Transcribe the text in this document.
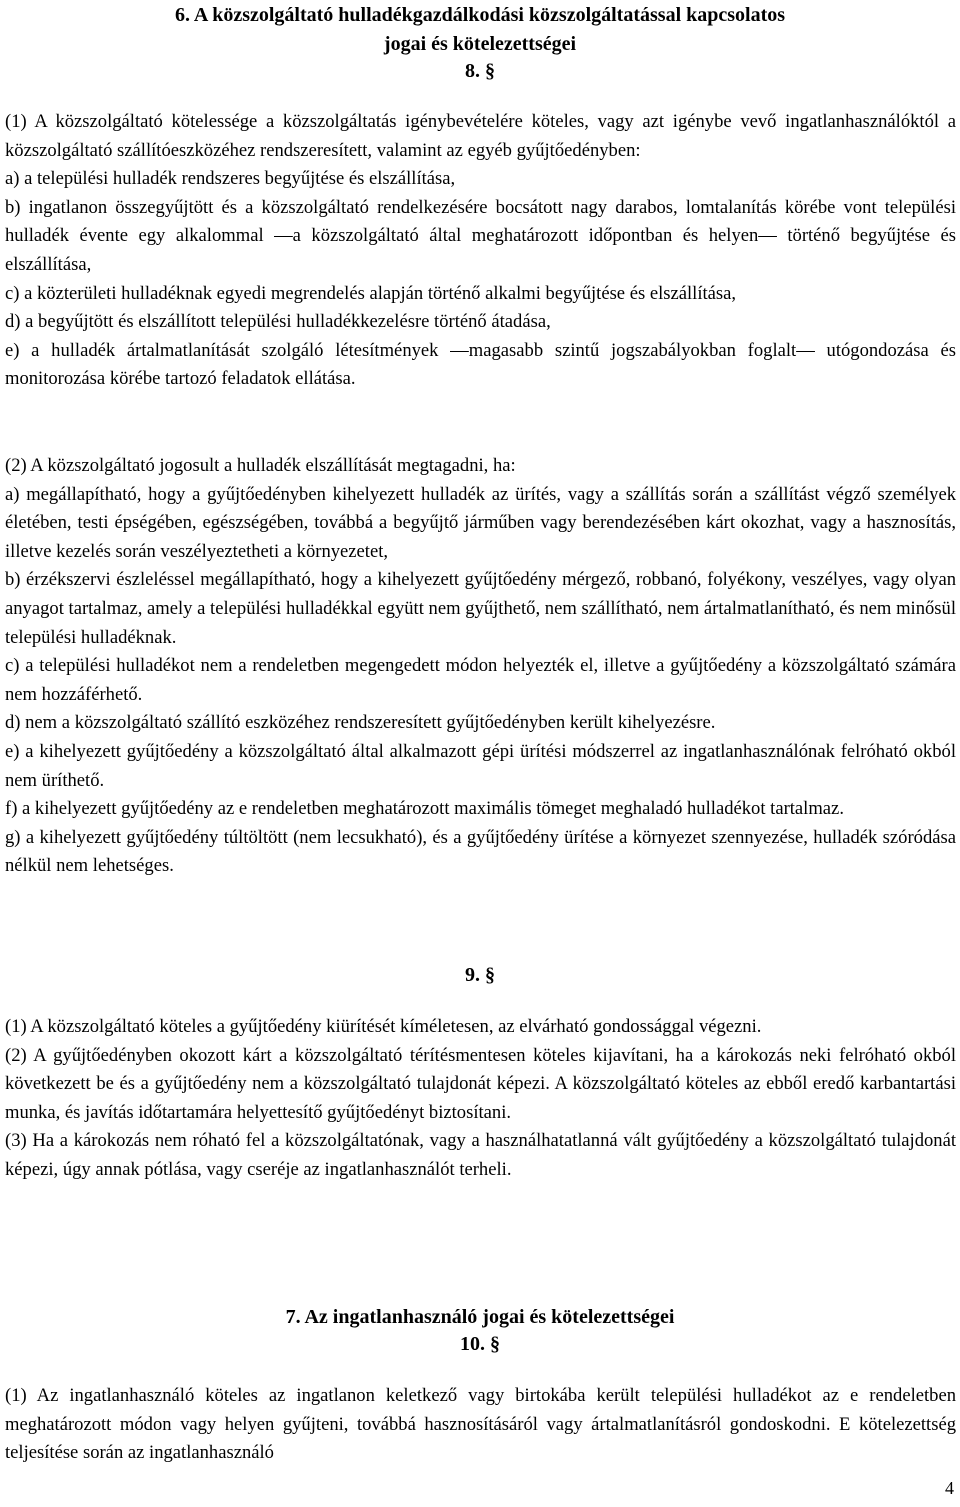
6. A közszolgáltató hulladékgazdálkodási közszolgáltatással kapcsolatos
jogai és kötelezettségei
8. §

(1) A közszolgáltató kötelessége a közszolgáltatás igénybevételére köteles, vagy azt igénybe vevő ingatlanhasználóktól a közszolgáltató szállítóeszközéhez rendszeresített, valamint az egyéb gyűjtőedényben:

a) a települési hulladék rendszeres begyűjtése és elszállítása,

b) ingatlanon összegyűjtött és a közszolgáltató rendelkezésére bocsátott nagy darabos, lomtalanítás körébe vont települési hulladék évente egy alkalommal —a közszolgáltató által meghatározott időpontban és helyen— történő begyűjtése és elszállítása,

c) a közterületi hulladéknak egyedi megrendelés alapján történő alkalmi begyűjtése és elszállítása,

d) a begyűjtött és elszállított települési hulladékkezelésre történő átadása,

e) a hulladék ártalmatlanítását szolgáló létesítmények —magasabb szintű jogszabályokban foglalt— utógondozása és monitorozása körébe tartozó feladatok ellátása.

(2) A közszolgáltató jogosult a hulladék elszállítását megtagadni, ha:

a) megállapítható, hogy a gyűjtőedényben kihelyezett hulladék az ürítés, vagy a szállítás során a szállítást végző személyek életében, testi épségében, egészségében, továbbá a begyűjtő járműben vagy berendezésében kárt okozhat, vagy a hasznosítás, illetve kezelés során veszélyeztetheti a környezetet,

b) érzékszervi észleléssel megállapítható, hogy a kihelyezett gyűjtőedény mérgező, robbanó, folyékony, veszélyes, vagy olyan anyagot tartalmaz, amely a települési hulladékkal együtt nem gyűjthető, nem szállítható, nem ártalmatlanítható, és nem minősül települési hulladéknak.

c) a települési hulladékot nem a rendeletben megengedett módon helyezték el, illetve a gyűjtőedény a közszolgáltató számára nem hozzáférhető.

d) nem a közszolgáltató szállító eszközéhez rendszeresített gyűjtőedényben került kihelyezésre.

e) a kihelyezett gyűjtőedény a közszolgáltató által alkalmazott gépi ürítési módszerrel az ingatlanhasználónak felróható okból nem üríthető.

f) a kihelyezett gyűjtőedény az e rendeletben meghatározott maximális tömeget meghaladó hulladékot tartalmaz.

g) a kihelyezett gyűjtőedény túltöltött (nem lecsukható), és a gyűjtőedény ürítése a környezet szennyezése, hulladék szóródása nélkül nem lehetséges.

9. §

(1) A közszolgáltató köteles a gyűjtőedény kiürítését kíméletesen, az elvárható gondossággal végezni.

(2) A gyűjtőedényben okozott kárt a közszolgáltató térítésmentesen köteles kijavítani, ha a károkozás neki felróható okból következett be és a gyűjtőedény nem a közszolgáltató tulajdonát képezi. A közszolgáltató köteles az ebből eredő karbantartási munka, és javítás időtartamára helyettesítő gyűjtőedényt biztosítani.

(3) Ha a károkozás nem róható fel a közszolgáltatónak, vagy a használhatatlanná vált gyűjtőedény a közszolgáltató tulajdonát képezi, úgy annak pótlása, vagy cseréje az ingatlanhasználót terheli.

7. Az ingatlanhasználó jogai és kötelezettségei
10. §

(1) Az ingatlanhasználó köteles az ingatlanon keletkező vagy birtokába került települési hulladékot az e rendeletben meghatározott módon vagy helyen gyűjteni, továbbá hasznosításáról vagy ártalmatlanításról gondoskodni. E kötelezettség teljesítése során az ingatlanhasználó

4
